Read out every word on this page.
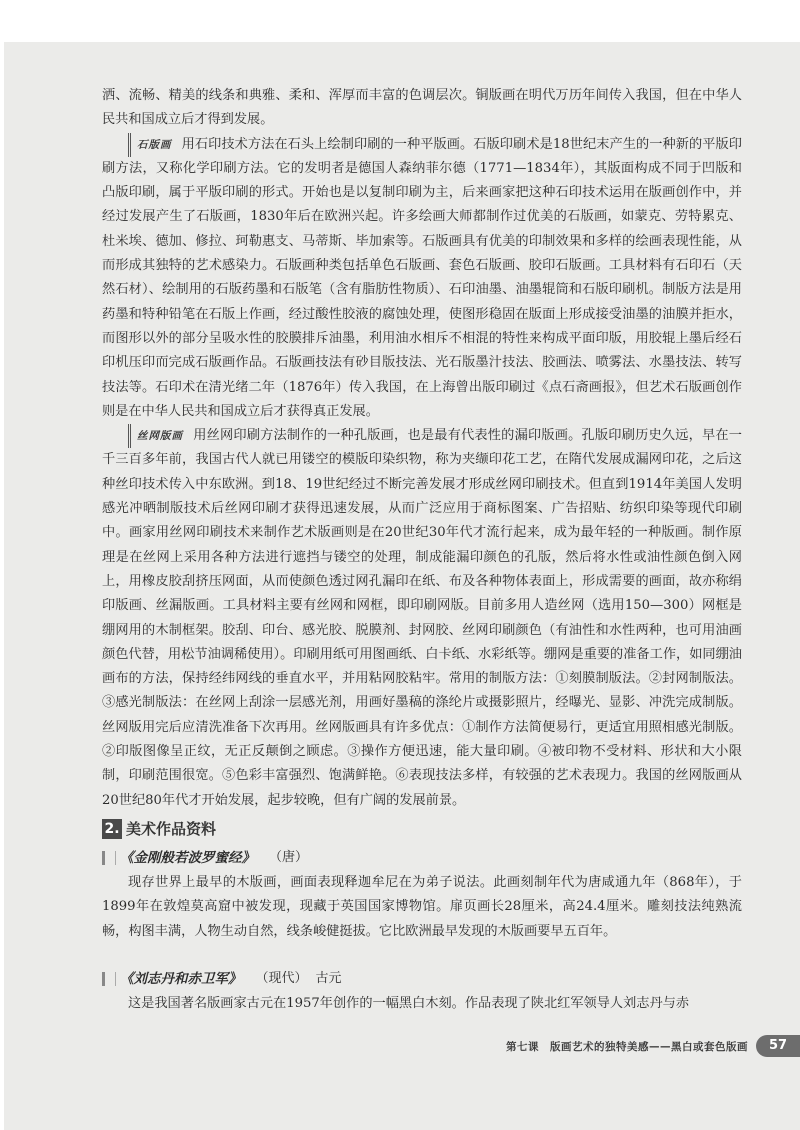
洒、流畅、精美的线条和典雅、柔和、浑厚而丰富的色调层次。铜版画在明代万历年间传入我国，但在中华人民共和国成立后才得到发展。

石版画 用石印技术方法在石头上绘制印刷的一种平版画。石版印刷术是18世纪末产生的一种新的平版印刷方法，又称化学印刷方法。它的发明者是德国人森纳菲尔德（1771—1834年），其版面构成不同于凹版和凸版印刷，属于平版印刷的形式。开始也是以复制印刷为主，后来画家把这种石印技术运用在版画创作中，并经过发展产生了石版画，1830年后在欧洲兴起。许多绘画大师都制作过优美的石版画，如蒙克、劳特累克、杜米埃、德加、修拉、珂勒惠支、马蒂斯、毕加索等。石版画具有优美的印制效果和多样的绘画表现性能，从而形成其独特的艺术感染力。石版画种类包括单色石版画、套色石版画、胶印石版画。工具材料有石印石（天然石材）、绘制用的石版药墨和石版笔（含有脂肪性物质）、石印油墨、油墨辊筒和石版印刷机。制版方法是用药墨和特种铅笔在石版上作画，经过酸性胶液的腐蚀处理，使图形稳固在版面上形成接受油墨的油膜并拒水，而图形以外的部分呈吸水性的胶膜排斥油墨，利用油水相斥不相混的特性来构成平面印版，用胶辊上墨后经石印机压印而完成石版画作品。石版画技法有砂目版技法、光石版墨汁技法、胶画法、喷雾法、水墨技法、转写技法等。石印术在清光绪二年（1876年）传入我国，在上海曾出版印刷过《点石斋画报》，但艺术石版画创作则是在中华人民共和国成立后才获得真正发展。

丝网版画 用丝网印刷方法制作的一种孔版画，也是最有代表性的漏印版画。孔版印刷历史久远，早在一千三百多年前，我国古代人就已用镂空的模版印染织物，称为夹缬印花工艺，在隋代发展成漏网印花，之后这种丝印技术传入中东欧洲。到18、19世纪经过不断完善发展才形成丝网印刷技术。但直到1914年美国人发明感光冲晒制版技术后丝网印刷才获得迅速发展，从而广泛应用于商标图案、广告招贴、纺织印染等现代印刷中。画家用丝网印刷技术来制作艺术版画则是在20世纪30年代才流行起来，成为最年轻的一种版画。制作原理是在丝网上采用各种方法进行遮挡与镂空的处理，制成能漏印颜色的孔版，然后将水性或油性颜色倒入网上，用橡皮胶刮挤压网面，从而使颜色透过网孔漏印在纸、布及各种物体表面上，形成需要的画面，故亦称绢印版画、丝漏版画。工具材料主要有丝网和网框，即印刷网版。目前多用人造丝网（选用150—300）网框是绷网用的木制框架。胶刮、印台、感光胶、脱膜剂、封网胶、丝网印刷颜色（有油性和水性两种，也可用油画颜色代替，用松节油调稀使用）。印刷用纸可用图画纸、白卡纸、水彩纸等。绷网是重要的准备工作，如同绷油画布的方法，保持经纬网线的垂直水平，并用粘网胶粘牢。常用的制版方法：①刻膜制版法。②封网制版法。③感光制版法：在丝网上刮涂一层感光剂，用画好墨稿的涤纶片或摄影照片，经曝光、显影、冲洗完成制版。丝网版用完后应清洗准备下次再用。丝网版画具有许多优点：①制作方法简便易行，更适宜用照相感光制版。②印版图像呈正纹，无正反颠倒之顾虑。③操作方便迅速，能大量印刷。④被印物不受材料、形状和大小限制，印刷范围很宽。⑤色彩丰富强烈、饱满鲜艳。⑥表现技法多样，有较强的艺术表现力。我国的丝网版画从20世纪80年代才开始发展，起步较晚，但有广阔的发展前景。

2. 美术作品资料
《金刚般若波罗蜜经》 （唐）

现存世界上最早的木版画，画面表现释迦牟尼在为弟子说法。此画刻制年代为唐咸通九年（868年），于1899年在敦煌莫高窟中被发现，现藏于英国国家博物馆。扉页画长28厘米，高24.4厘米。雕刻技法纯熟流畅，构图丰满，人物生动自然，线条峻健挺拔。它比欧洲最早发现的木版画要早五百年。

《刘志丹和赤卫军》 （现代） 古元

这是我国著名版画家古元在1957年创作的一幅黑白木刻。作品表现了陕北红军领导人刘志丹与赤

第七课　版画艺术的独特美感——黑白或套色版画	57
